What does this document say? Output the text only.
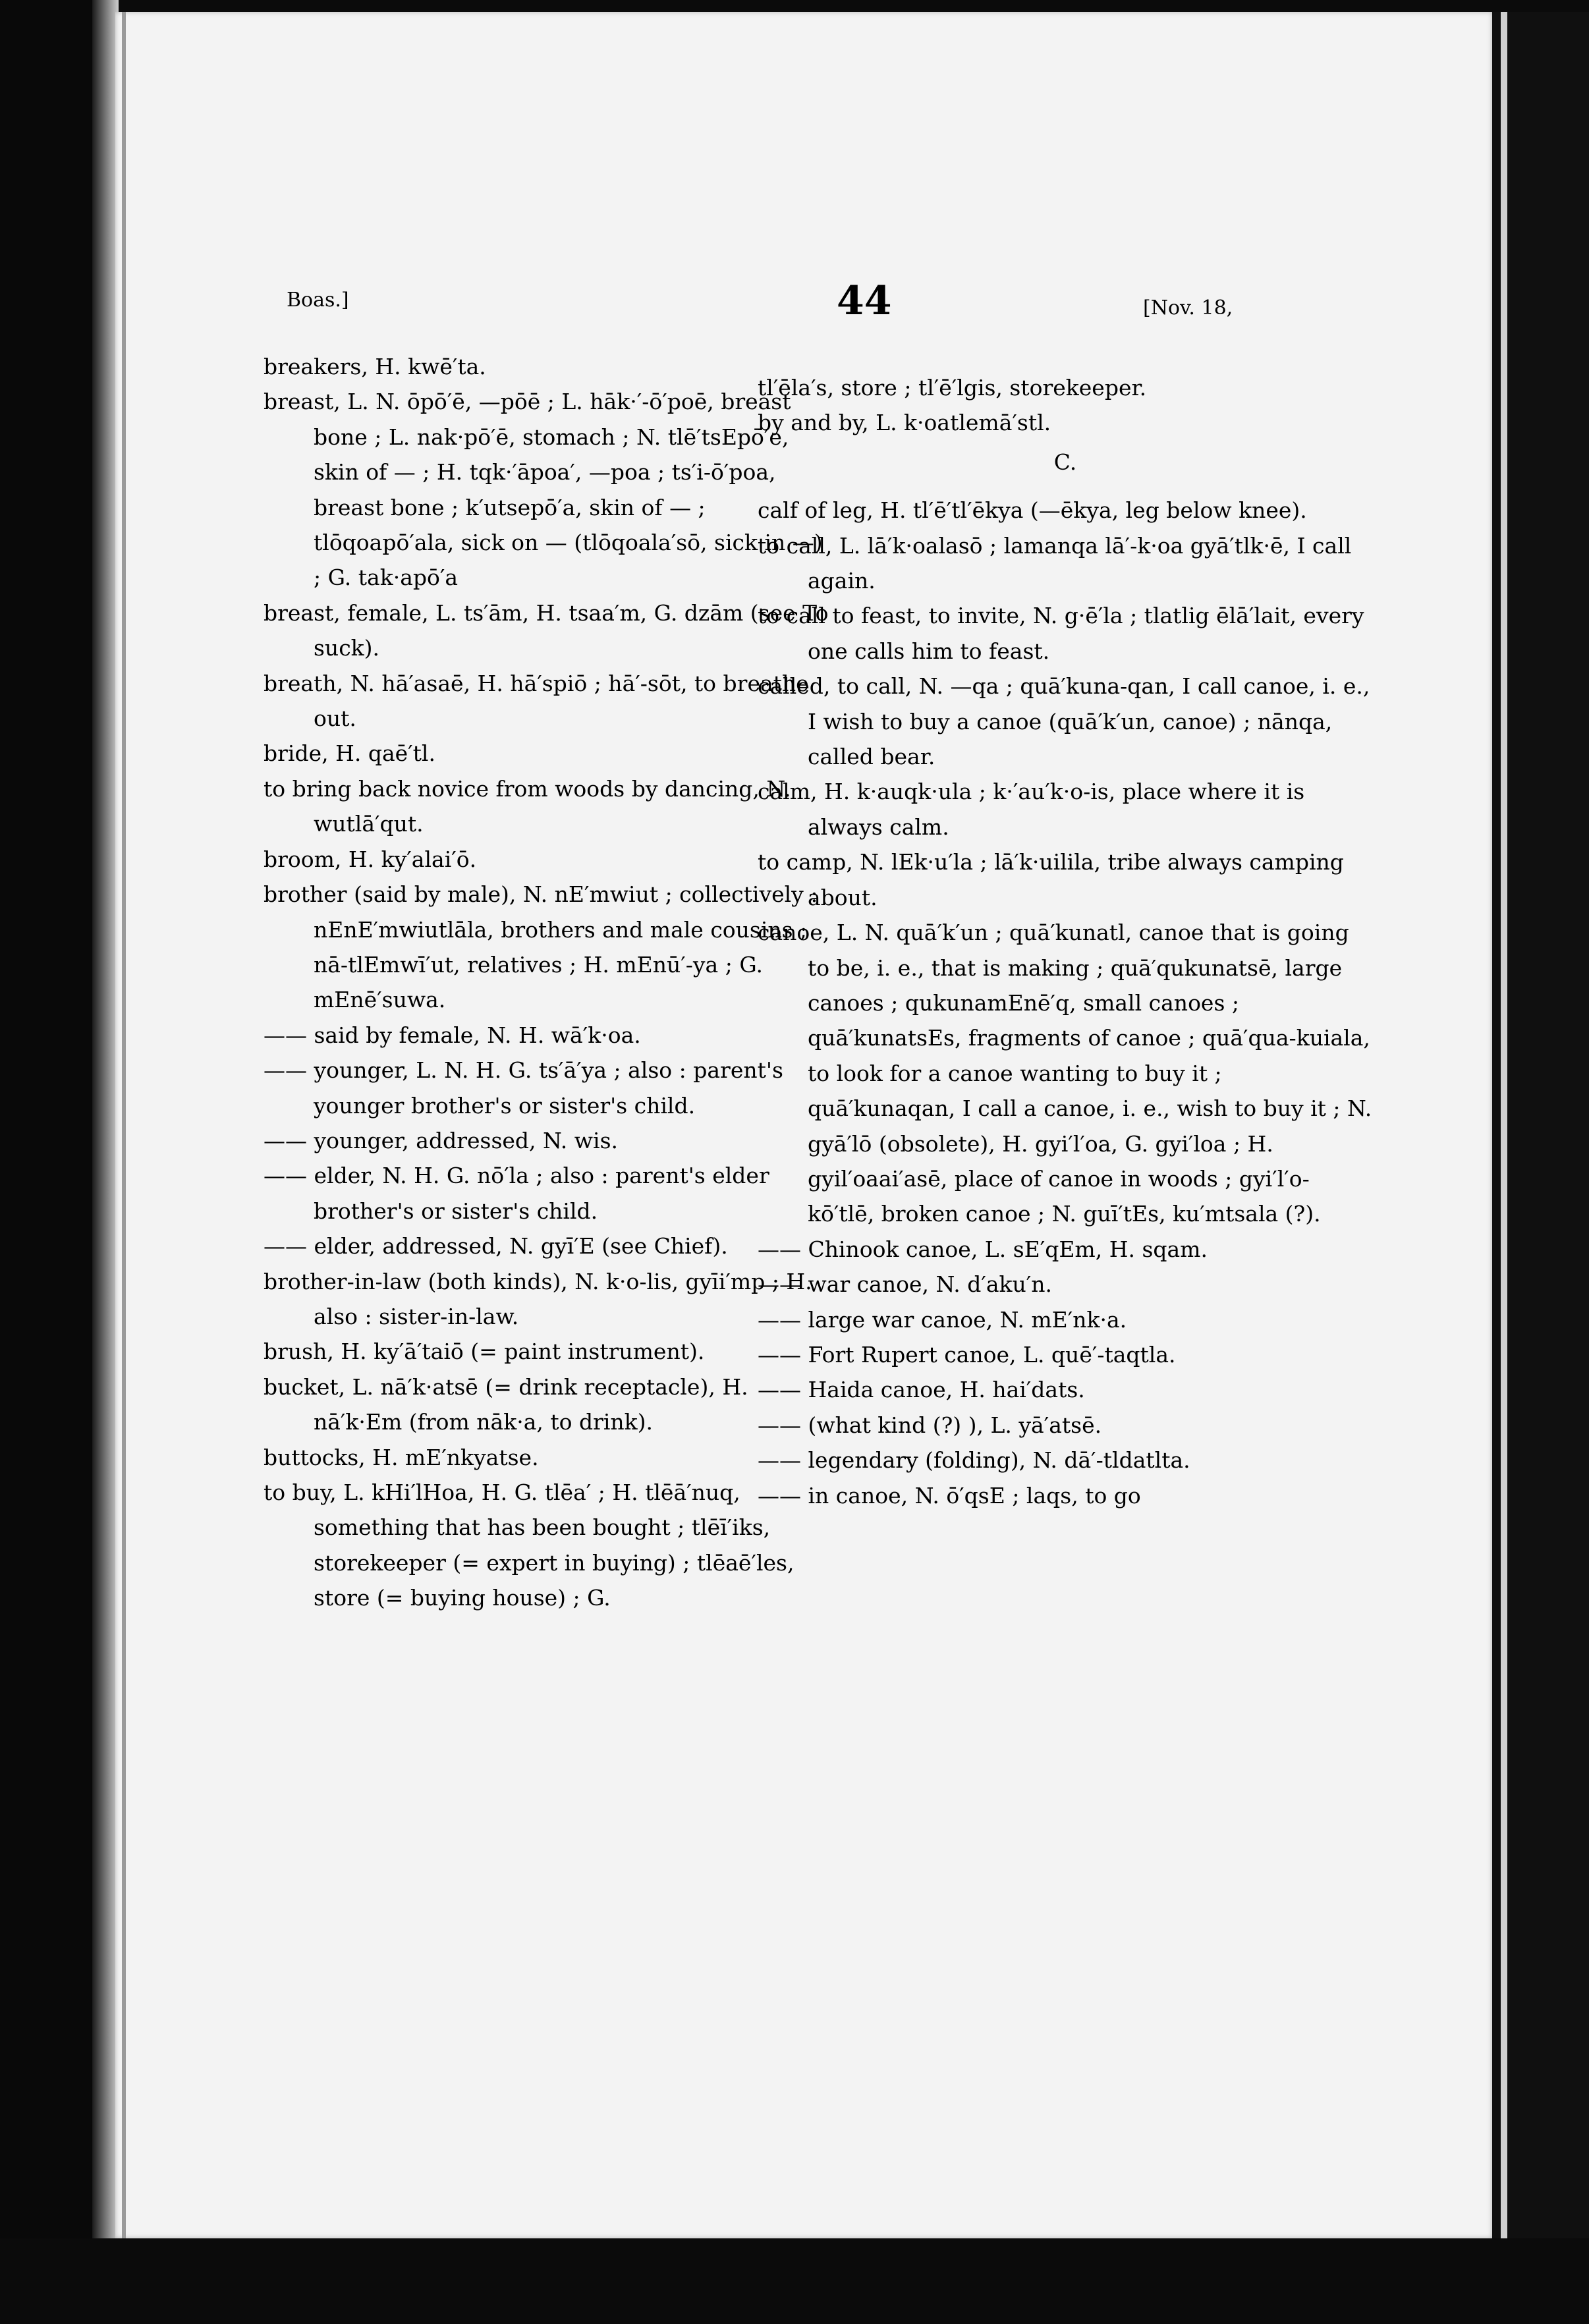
Boas.]	44	[Nov. 18,
breakers, H. kwē′ta.
breast, L. N. ōpō′ē, —pōē ; L. hāk·′-ō′poē, breast bone ; L. nak·pō′ē, stomach ; N. tlē′tsEpō′e, skin of — ; H. tqk·′āpoa′, —poa ; ts′i-ō′poa, breast bone ; k′utsepō′a, skin of — ; tlōqoapō′ala, sick on — (tlōqoala′sō, sick in —) ; G. tak·apō′a
breast, female, L. ts′ām, H. tsaa′m, G. dzām (see To suck).
breath, N. hā′asaē, H. hā′spiō ; hā′-sōt, to breathe out.
bride, H. qaē′tl.
to bring back novice from woods by dancing, N. wutlā′qut.
broom, H. ky′alai′ō.
brother (said by male), N. nE′mwiut ; collectively : nEnE′mwiutlāla, brothers and male cousins ; nā-tlEmwī′ut, relatives ; H. mEnū′-ya ; G. mEnē′suwa.
—— said by female, N. H. wā′k·oa.
—— younger, L. N. H. G. ts′ā′ya ; also : parent's younger brother's or sister's child.
—— younger, addressed, N. wis.
—— elder, N. H. G. nō′la ; also : parent's elder brother's or sister's child.
—— elder, addressed, N. gyī′E (see Chief).
brother-in-law (both kinds), N. k·o-lis, gyīi′mp ; H. also : sister-in-law.
brush, H. ky′ā′taiō (= paint instrument).
bucket, L. nā′k·atsē (= drink receptacle), H. nā′k·Em (from nāk·a, to drink).
buttocks, H. mE′nkyatse.
to buy, L. kHi′lHoa, H. G. tlēa′ ; H. tlēā′nuq, something that has been bought ; tlēī′iks, storekeeper (= expert in buying) ; tlēaē′les, store (= buying house) ; G.
tl′ēla′s, store ; tl′ē′lgis, storekeeper.
by and by, L. k·oatlemā′stl.
C.
calf of leg, H. tl′ē′tl′ēkya (—ēkya, leg below knee).
to call, L. lā′k·oalasō ; lamanqa lā′-k·oa gyā′tlk·ē, I call again.
to call to feast, to invite, N. g·ē′la ; tlatlig ēlā′lait, every one calls him to feast.
called, to call, N. —qa ; quā′kuna-qan, I call canoe, i. e., I wish to buy a canoe (quā′k′un, canoe) ; nānqa, called bear.
calm, H. k·auqk·ula ; k·′au′k·o-is, place where it is always calm.
to camp, N. lEk·u′la ; lā′k·uilila, tribe always camping about.
canoe, L. N. quā′k′un ; quā′kunatl, canoe that is going to be, i. e., that is making ; quā′qukunatsē, large canoes ; qukunamEnē′q, small canoes ; quā′kunatsEs, fragments of canoe ; quā′qua-kuiala, to look for a canoe wanting to buy it ; quā′kunaqan, I call a canoe, i. e., wish to buy it ; N. gyā′lō (obsolete), H. gyi′l′oa, G. gyi′loa ; H. gyil′oaai′asē, place of canoe in woods ; gyi′l′o-kō′tlē, broken canoe ; N. guī′tEs, ku′mtsala (?).
—— Chinook canoe, L. sE′qEm, H. sqam.
—— war canoe, N. d′aku′n.
—— large war canoe, N. mE′nk·a.
—— Fort Rupert canoe, L. quē′-taqtla.
—— Haida canoe, H. hai′dats.
—— (what kind (?) ), L. yā′atsē.
—— legendary (folding), N. dā′-tldatlta.
—— in canoe, N. ō′qsE ; laqs, to go
